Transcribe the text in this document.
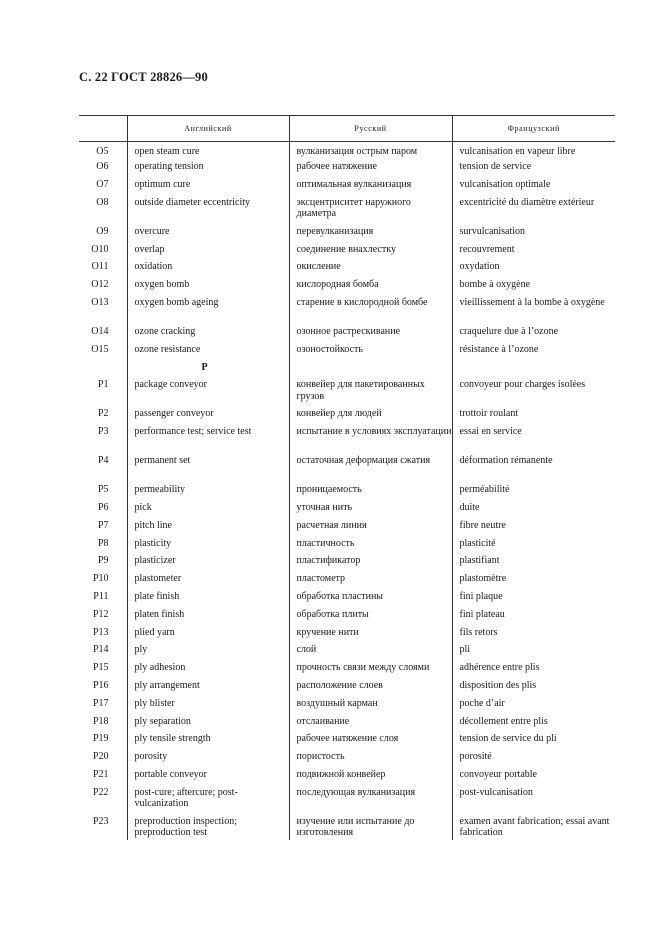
С. 22 ГОСТ 28826—90
	Английский	Русский	Французский
O5	open steam cure	вулканизация острым паром	vulcanisation en vapeur libre
O6	operating tension	рабочее натяжение	tension de service
O7	optimum cure	оптимальная вулканизация	vulcanisation optimale
O8	outside diameter eccentricity	эксцентриситет наружного диаметра	excentricité du diamètre extérieur
O9	overcure	перевулканизация	survulcanisation
O10	overlap	соединение внахлестку	recouvrement
O11	oxidation	окисление	oxydation
O12	oxygen bomb	кислородная бомба	bombe à oxygène
O13	oxygen bomb ageing	старение в кислородной бомбе	vieillissement à la bombe à oxygène
O14	ozone cracking	озонное растрескивание	craquelure due à l’ozone
O15	ozone resistance	озоностойкость	résistance à l’ozone
	P		
P1	package conveyor	конвейер для пакетированных грузов	convoyeur pour charges isolées
P2	passenger conveyor	конвейер для людей	trottoir roulant
P3	performance test; service test	испытание в условиях эксплуатации	essai en service
P4	permanent set	остаточная деформация сжатия	déformation rémanente
P5	permeability	проницаемость	perméabilité
P6	pick	уточная нить	duite
P7	pitch line	расчетная линия	fibre neutre
P8	plasticity	пластичность	plasticité
P9	plasticizer	пластификатор	plastifiant
P10	plastometer	пластометр	plastomètre
P11	plate finish	обработка пластины	fini plaque
P12	platen finish	обработка плиты	fini plateau
P13	plied yarn	кручение нити	fils retors
P14	ply	слой	pli
P15	ply adhesion	прочность связи между слоями	adhérence entre plis
P16	ply arrangement	расположение слоев	disposition des plis
P17	ply blister	воздушный карман	poche d’air
P18	ply separation	отслаивание	décollement entre plis
P19	ply tensile strength	рабочее натяжение слоя	tension de service du pli
P20	porosity	пористость	porosité
P21	portable conveyor	подвижной конвейер	convoyeur portable
P22	post-cure; aftercure; post-vulcanization	последующая вулканизация	post-vulcanisation
P23	preproduction inspection; preproduction test	изучение или испытание до изготовления	examen avant fabrication; essai avant fabrication
